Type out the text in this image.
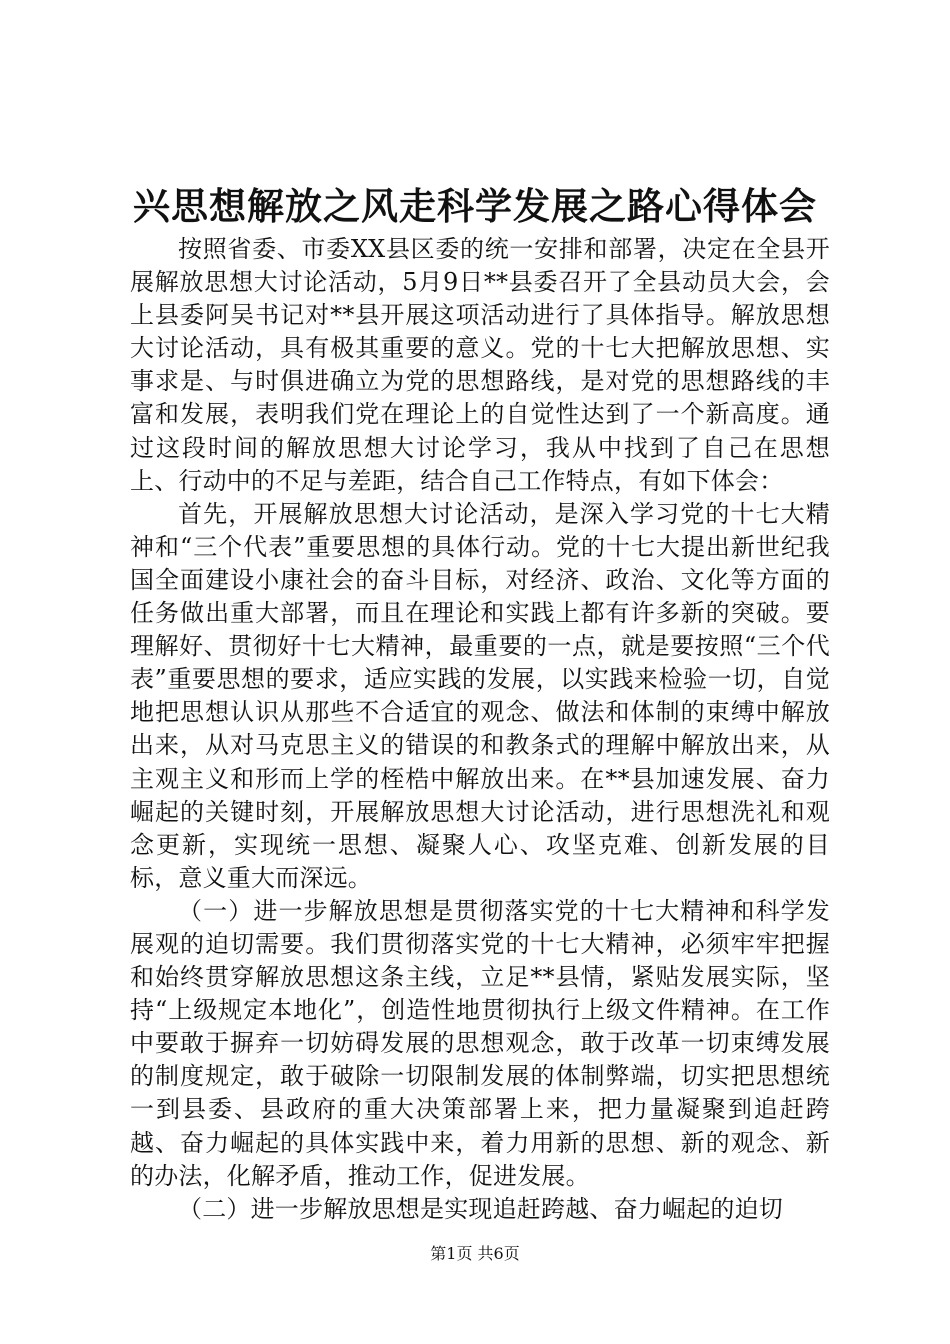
兴思想解放之风走科学发展之路心得体会

按照省委、市委XX县区委的统一安排和部署，决定在全县开展解放思想大讨论活动，5月9日**县委召开了全县动员大会，会上县委阿吴书记对**县开展这项活动进行了具体指导。解放思想大讨论活动，具有极其重要的意义。党的十七大把解放思想、实事求是、与时俱进确立为党的思想路线，是对党的思想路线的丰富和发展，表明我们党在理论上的自觉性达到了一个新高度。通过这段时间的解放思想大讨论学习，我从中找到了自己在思想上、行动中的不足与差距，结合自己工作特点，有如下体会：

首先，开展解放思想大讨论活动，是深入学习党的十七大精神和“三个代表”重要思想的具体行动。党的十七大提出新世纪我国全面建设小康社会的奋斗目标，对经济、政治、文化等方面的任务做出重大部署，而且在理论和实践上都有许多新的突破。要理解好、贯彻好十七大精神，最重要的一点，就是要按照“三个代表”重要思想的要求，适应实践的发展，以实践来检验一切，自觉地把思想认识从那些不合适宜的观念、做法和体制的束缚中解放出来，从对马克思主义的错误的和教条式的理解中解放出来，从主观主义和形而上学的桎梏中解放出来。在**县加速发展、奋力崛起的关键时刻，开展解放思想大讨论活动，进行思想洗礼和观念更新，实现统一思想、凝聚人心、攻坚克难、创新发展的目标，意义重大而深远。

（一）进一步解放思想是贯彻落实党的十七大精神和科学发展观的迫切需要。我们贯彻落实党的十七大精神，必须牢牢把握和始终贯穿解放思想这条主线，立足**县情，紧贴发展实际，坚持“上级规定本地化”，创造性地贯彻执行上级文件精神。在工作中要敢于摒弃一切妨碍发展的思想观念，敢于改革一切束缚发展的制度规定，敢于破除一切限制发展的体制弊端，切实把思想统一到县委、县政府的重大决策部署上来，把力量凝聚到追赶跨越、奋力崛起的具体实践中来，着力用新的思想、新的观念、新的办法，化解矛盾，推动工作，促进发展。

（二）进一步解放思想是实现追赶跨越、奋力崛起的迫切

第1页 共6页
